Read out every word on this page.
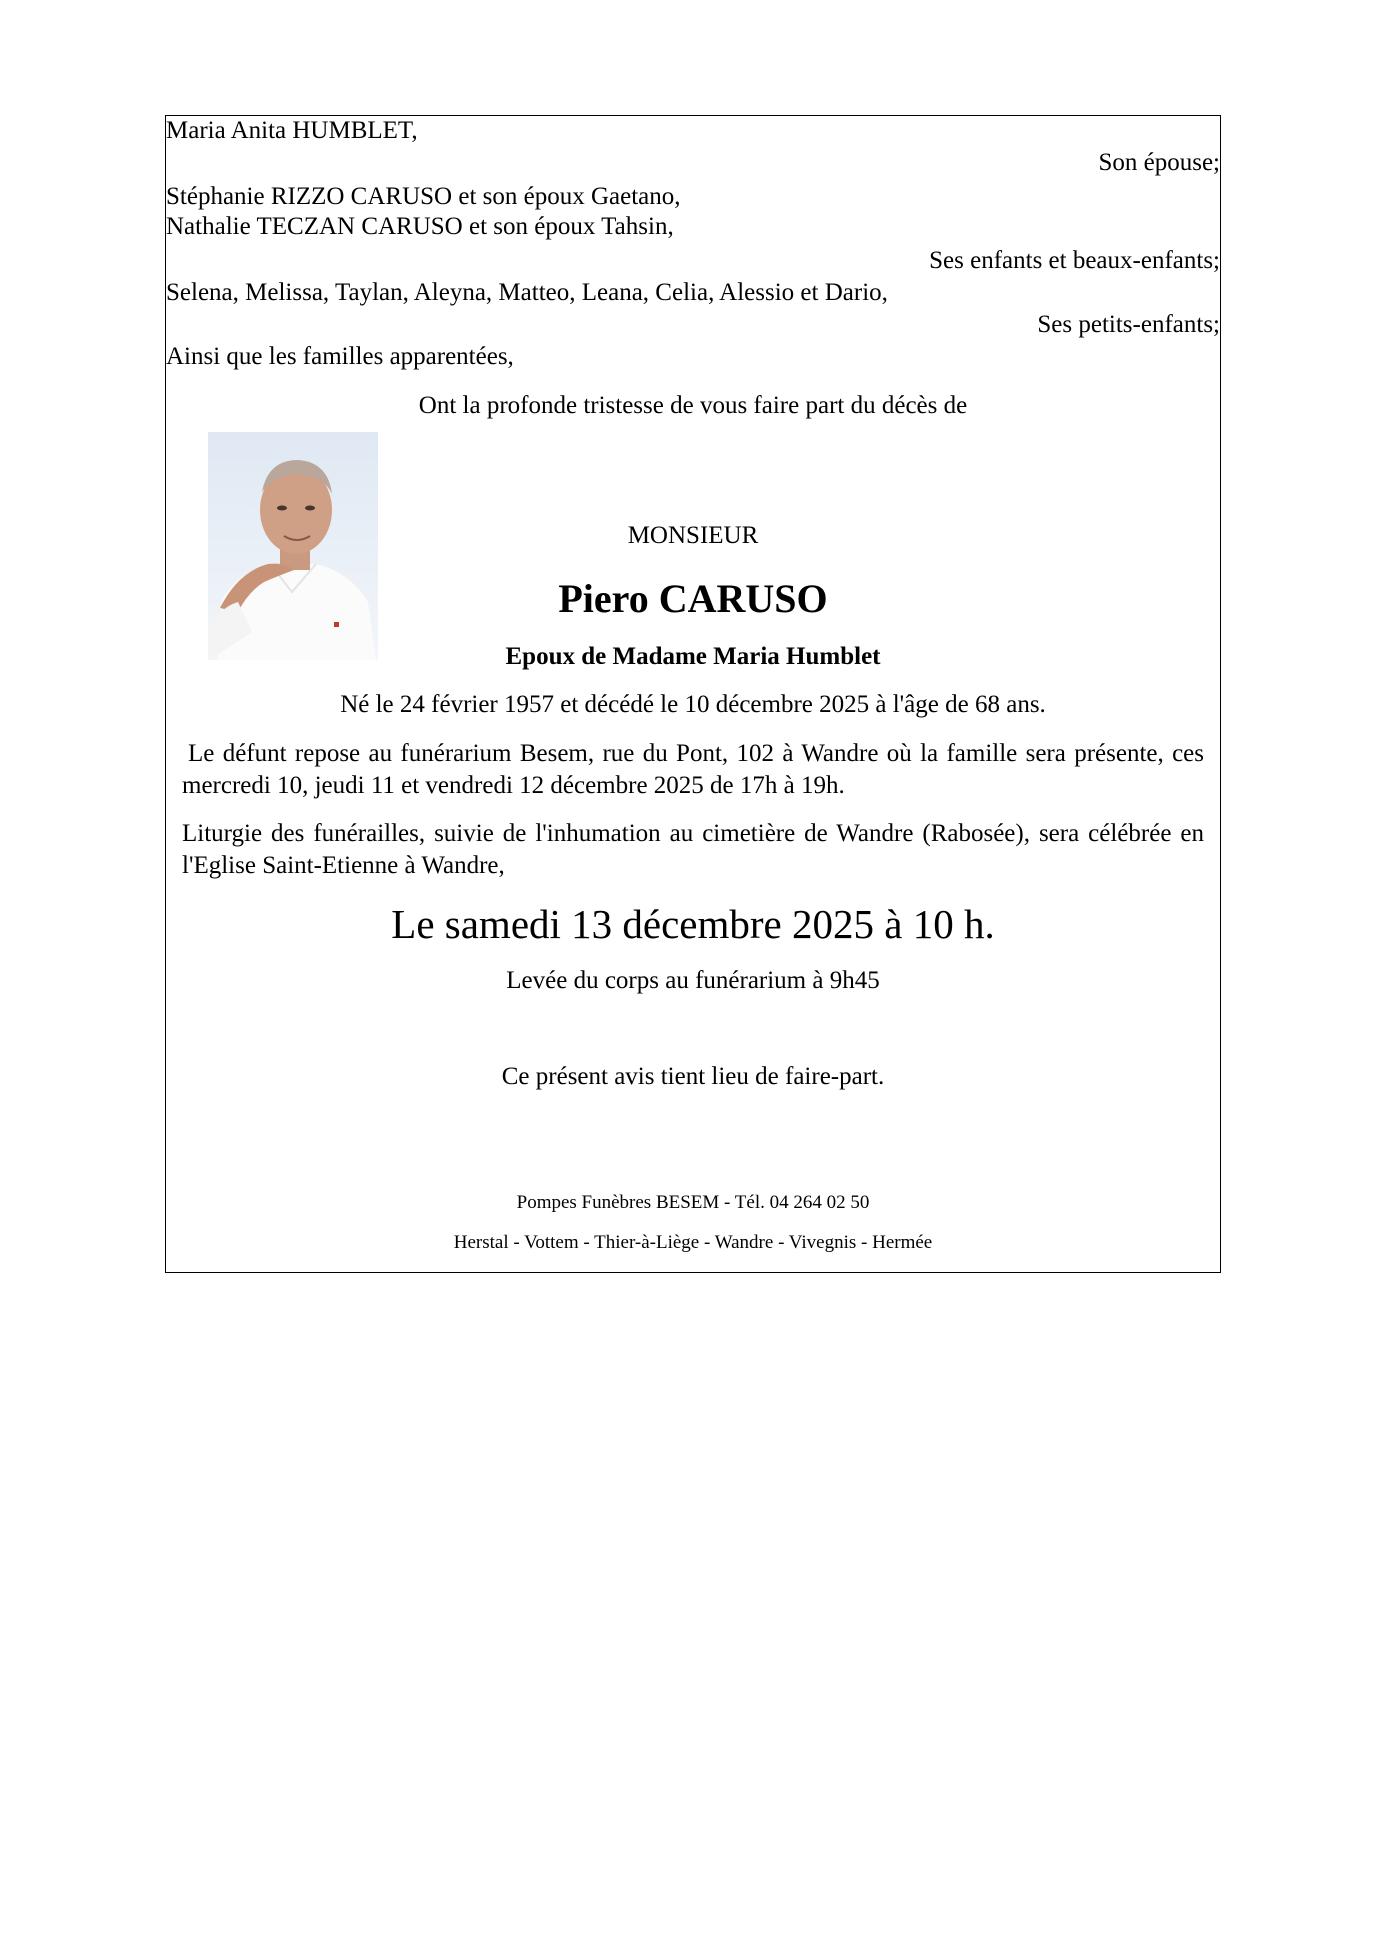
Maria Anita HUMBLET,

Son épouse;

Stéphanie RIZZO CARUSO et son époux Gaetano,

Nathalie TECZAN CARUSO et son époux Tahsin,

Ses enfants et beaux-enfants;

Selena, Melissa, Taylan, Aleyna, Matteo, Leana, Celia, Alessio et Dario,

Ses petits-enfants;

Ainsi que les familles apparentées,

Ont la profonde tristesse de vous faire part du décès de

MONSIEUR

Piero CARUSO

Epoux de Madame Maria Humblet

Né le 24 février 1957 et décédé le 10 décembre 2025 à l'âge de 68 ans.

Le défunt repose au funérarium Besem, rue du Pont, 102 à Wandre où la famille sera présente, ces mercredi 10, jeudi 11 et vendredi 12 décembre 2025 de 17h à 19h.

Liturgie des funérailles, suivie de l'inhumation au cimetière de Wandre (Rabosée), sera célébrée en l'Eglise Saint-Etienne à Wandre,

Le samedi 13 décembre 2025 à 10 h.

Levée du corps au funérarium à 9h45

Ce présent avis tient lieu de faire-part.

Pompes Funèbres BESEM - Tél. 04 264 02 50

Herstal - Vottem - Thier-à-Liège - Wandre - Vivegnis - Hermée
